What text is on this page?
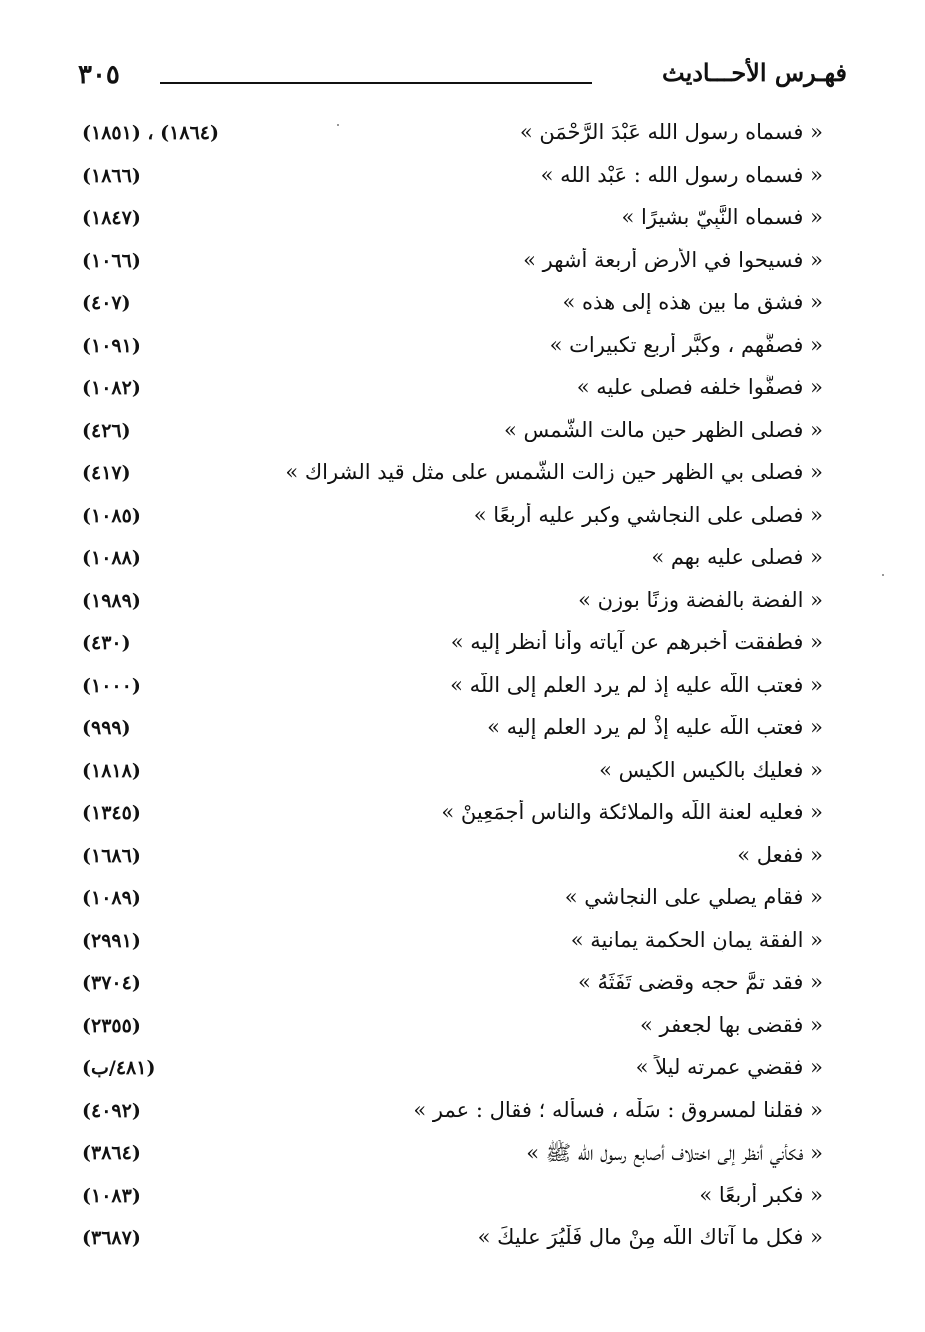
٣٠٥	فهـرس الأحـــاديث
« فسماه رسول الله عَبْدَ الرَّحْمَن »
(١٨٥١) ، (١٨٦٤)
« فسماه رسول الله : عَبْد الله »
(١٨٦٦)
« فسماه النَّبِيّ بشيرًا »
(١٨٤٧)
« فسيحوا في الأرض أربعة أشهرٍ »
(١٠٦٦)
« فشق ما بين هذه إلى هذه »
(٤٠٧)
« فصفَّهم ، وكبَّر أربع تكبيرات »
(١٠٩١)
« فصفُّوا خلفه فصلى عليه »
(١٠٨٢)
« فصلى الظهر حين مالت الشَّمس »
(٤٢٦)
« فصلى بي الظهر حين زالت الشَّمس على مثل قيد الشراك »
(٤١٧)
« فصلى على النجاشي وكبر عليه أربعًا »
(١٠٨٥)
« فصلى عليه بهم »
(١٠٨٨)
« الفضة بالفضة وزنًا بوزنٍ »
(١٩٨٩)
« فطفقت أخبرهم عن آياته وأنا أنظر إليه »
(٤٣٠)
« فعتب اللَّه عليه إذ لم يرد العلم إلى اللَّه »
(١٠٠٠)
« فعتب اللَّه عليه إِذْ لم يرد العلم إليه »
(٩٩٩)
« فعليك بالكيس الكيس »
(١٨١٨)
« فعليه لعنة اللَّه والملائكة والناس أجمَعِينْ »
(١٣٤٥)
« ففعل »
(١٦٨٦)
« فقام يصلي على النجاشي »
(١٠٨٩)
« الفقة يمانٍ الحكمة يمانية »
(٢٩٩١)
« فقد تمَّ حجه وقضى تَفَثَهُ »
(٣٧٠٤)
« فقضى بها لجعفر »
(٢٣٥٥)
« فقضي عمرته ليلاً »
(٤٨١/ب)
« فقلنا لمسروق : سَلْه ، فسأله ؛ فقال : عمر »
(٤٠٩٢)
« فكأني أنظر إلى اختلاف أصابع رسول الله ﷺ »
(٣٨٦٤)
« فكبر أربعًا »
(١٠٨٣)
« فكل ما آتاك اللَّه مِنْ مالٍ فَلْيُرَ عليكَ »
(٣٦٨٧)
